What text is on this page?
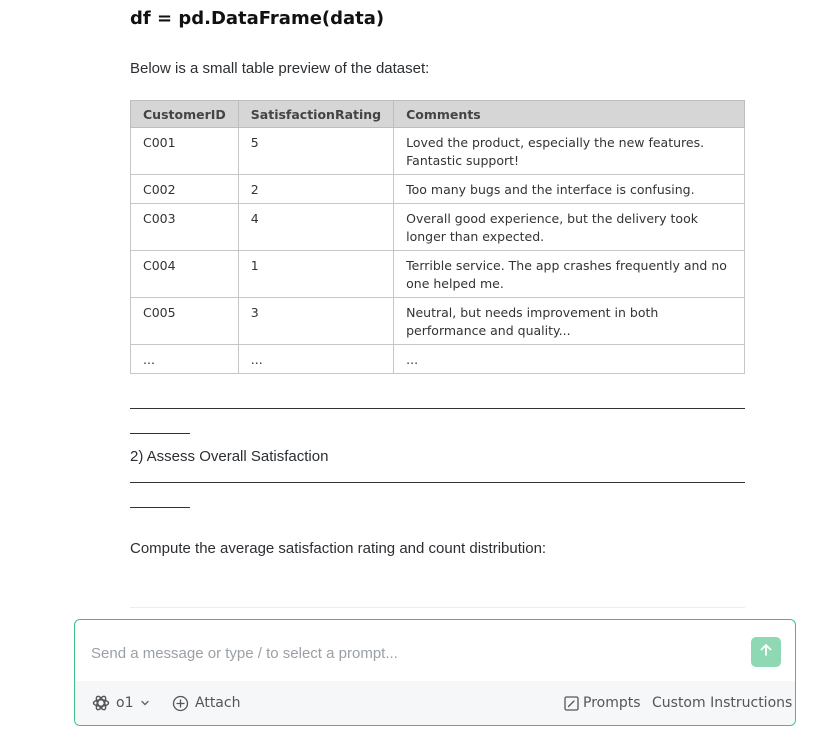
df = pd.DataFrame(data)
Below is a small table preview of the dataset:
CustomerID	SatisfactionRating	Comments
C001	5	Loved the product, especially the new features. Fantastic support!
C002	2	Too many bugs and the interface is confusing.
C003	4	Overall good experience, but the delivery took longer than expected.
C004	1	Terrible service. The app crashes frequently and no one helped me.
C005	3	Neutral, but needs improvement in both performance and quality...
...	...	...
2) Assess Overall Satisfaction
Compute the average satisfaction rating and count distribution:
Send a message or type / to select a prompt...
o1	Attach	Prompts Custom Instructions
